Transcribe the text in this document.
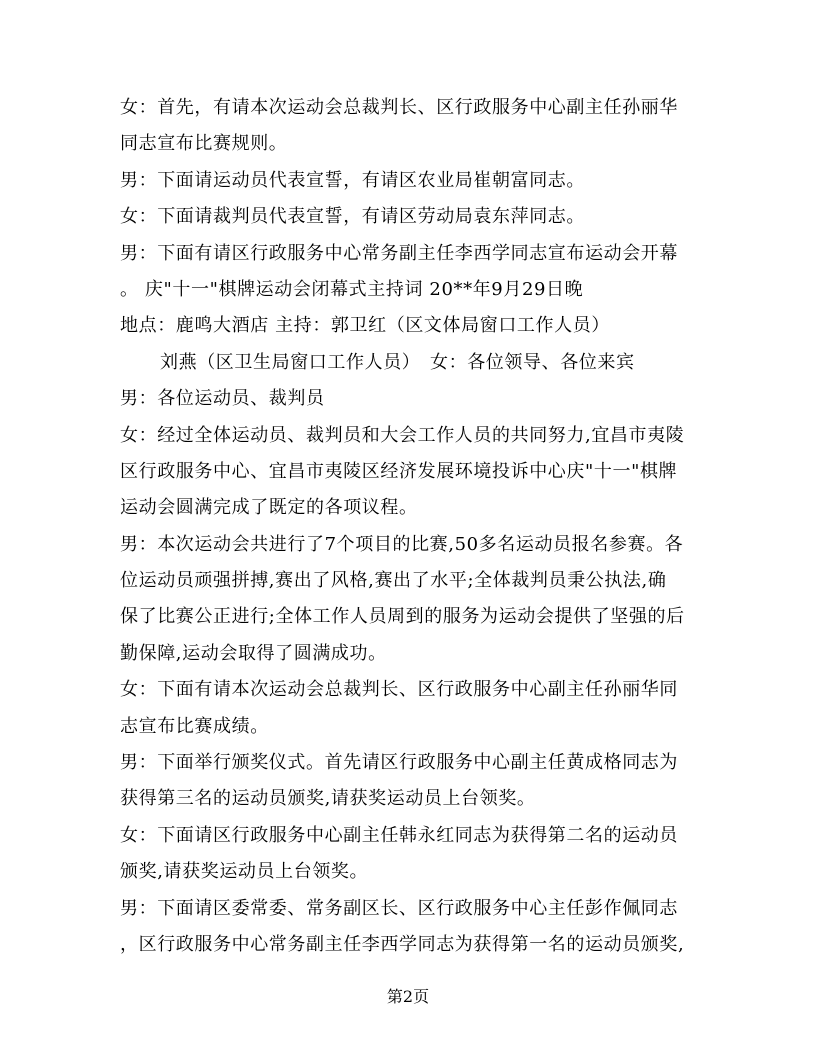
女：首先，有请本次运动会总裁判长、区行政服务中心副主任孙丽华
同志宣布比赛规则。
男：下面请运动员代表宣誓，有请区农业局崔朝富同志。
女：下面请裁判员代表宣誓，有请区劳动局袁东萍同志。
男：下面有请区行政服务中心常务副主任李西学同志宣布运动会开幕
。 庆"十一"棋牌运动会闭幕式主持词 20**年9月29日晚
地点：鹿鸣大酒店 主持：郭卫红（区文体局窗口工作人员）
刘燕（区卫生局窗口工作人员）　女：各位领导、各位来宾
男：各位运动员、裁判员
女：经过全体运动员、裁判员和大会工作人员的共同努力,宜昌市夷陵
区行政服务中心、宜昌市夷陵区经济发展环境投诉中心庆"十一"棋牌
运动会圆满完成了既定的各项议程。
男：本次运动会共进行了7个项目的比赛,50多名运动员报名参赛。各
位运动员顽强拼搏,赛出了风格,赛出了水平;全体裁判员秉公执法,确
保了比赛公正进行;全体工作人员周到的服务为运动会提供了坚强的后
勤保障,运动会取得了圆满成功。
女：下面有请本次运动会总裁判长、区行政服务中心副主任孙丽华同
志宣布比赛成绩。
男：下面举行颁奖仪式。首先请区行政服务中心副主任黄成格同志为
获得第三名的运动员颁奖,请获奖运动员上台领奖。
女：下面请区行政服务中心副主任韩永红同志为获得第二名的运动员
颁奖,请获奖运动员上台领奖。
男：下面请区委常委、常务副区长、区行政服务中心主任彭作佩同志
，区行政服务中心常务副主任李西学同志为获得第一名的运动员颁奖,
第2页
